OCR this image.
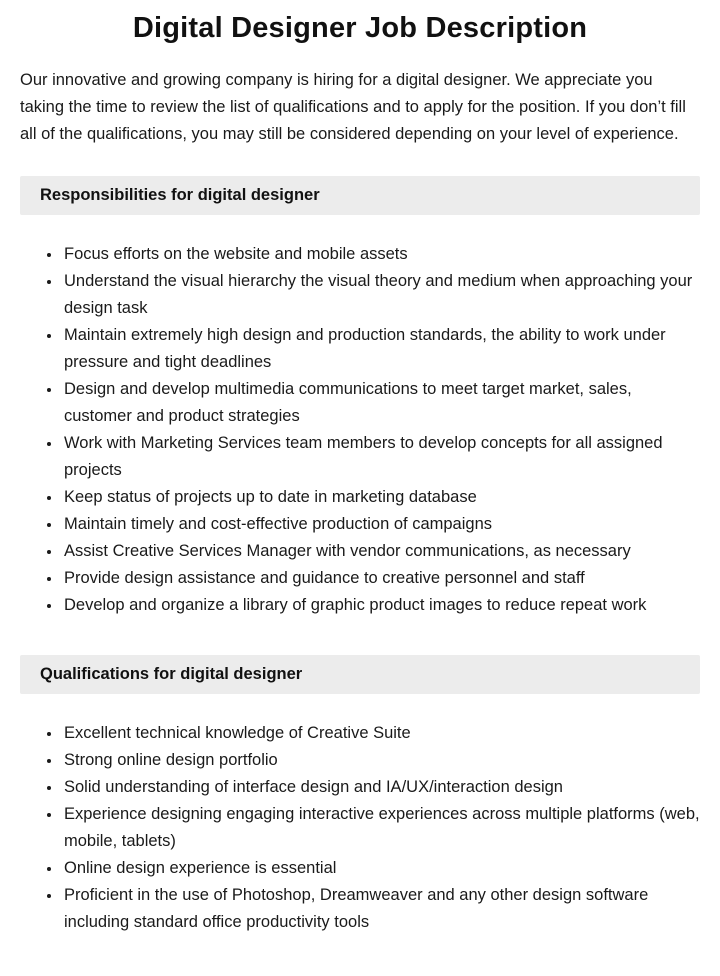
Digital Designer Job Description

Our innovative and growing company is hiring for a digital designer. We appreciate you taking the time to review the list of qualifications and to apply for the position. If you don’t fill all of the qualifications, you may still be considered depending on your level of experience.

Responsibilities for digital designer
• Focus efforts on the website and mobile assets
• Understand the visual hierarchy the visual theory and medium when approaching your design task
• Maintain extremely high design and production standards, the ability to work under pressure and tight deadlines
• Design and develop multimedia communications to meet target market, sales, customer and product strategies
• Work with Marketing Services team members to develop concepts for all assigned projects
• Keep status of projects up to date in marketing database
• Maintain timely and cost-effective production of campaigns
• Assist Creative Services Manager with vendor communications, as necessary
• Provide design assistance and guidance to creative personnel and staff
• Develop and organize a library of graphic product images to reduce repeat work
Qualifications for digital designer
• Excellent technical knowledge of Creative Suite
• Strong online design portfolio
• Solid understanding of interface design and IA/UX/interaction design
• Experience designing engaging interactive experiences across multiple platforms (web, mobile, tablets)
• Online design experience is essential
• Proficient in the use of Photoshop, Dreamweaver and any other design software including standard office productivity tools
